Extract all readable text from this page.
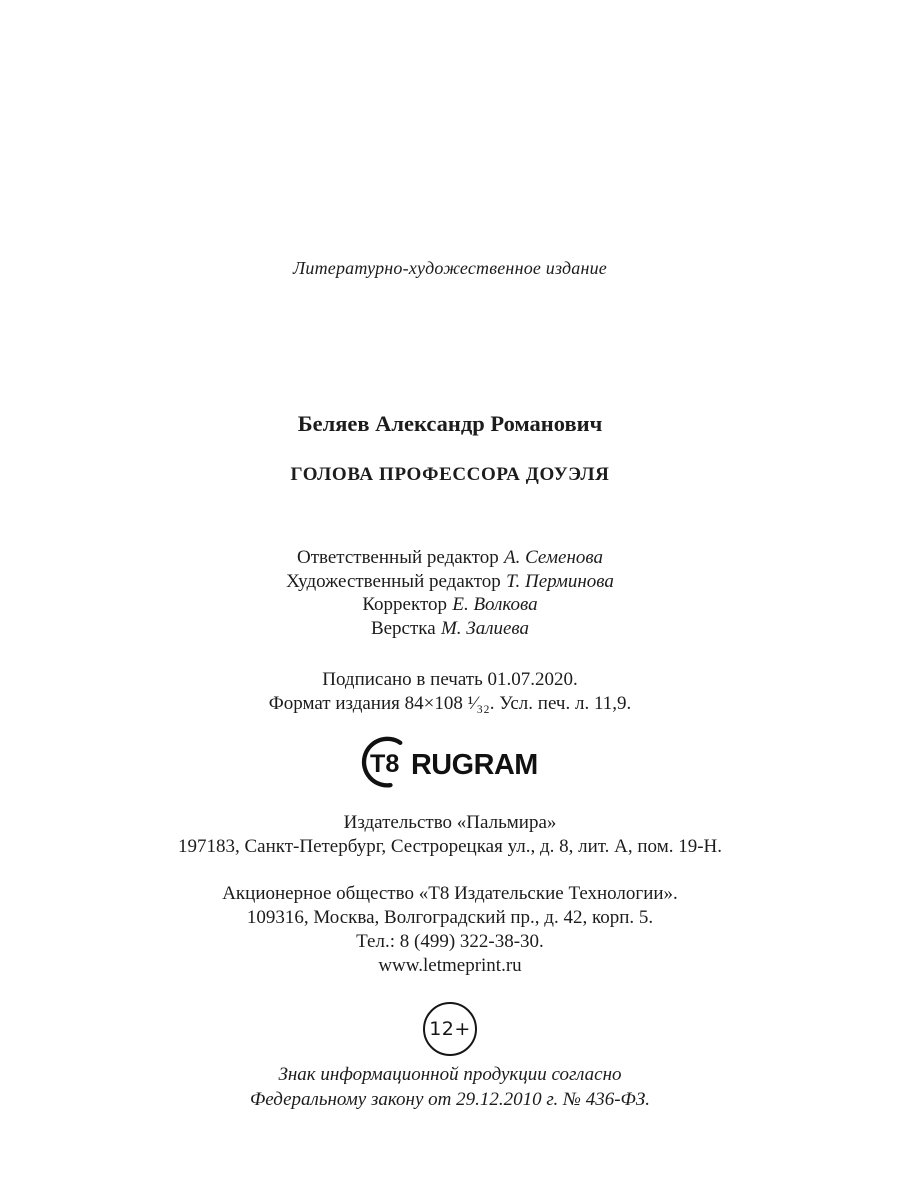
Литературно-художественное издание
Беляев Александр Романович
ГОЛОВА ПРОФЕССОРА ДОУЭЛЯ
Ответственный редактор А. Семенова
Художественный редактор Т. Перминова
Корректор Е. Волкова
Верстка М. Залиева
Подписано в печать 01.07.2020.
Формат издания 84×108 ¹⁄₃₂. Усл. печ. л. 11,9.
T8 RUGRAM
Издательство «Пальмира»
197183, Санкт-Петербург, Сестрорецкая ул., д. 8, лит. А, пом. 19-Н.
Акционерное общество «Т8 Издательские Технологии».
109316, Москва, Волгоградский пр., д. 42, корп. 5.
Тел.: 8 (499) 322-38-30.
www.letmeprint.ru
12+
Знак информационной продукции согласно
Федеральному закону от 29.12.2010 г. № 436-ФЗ.
